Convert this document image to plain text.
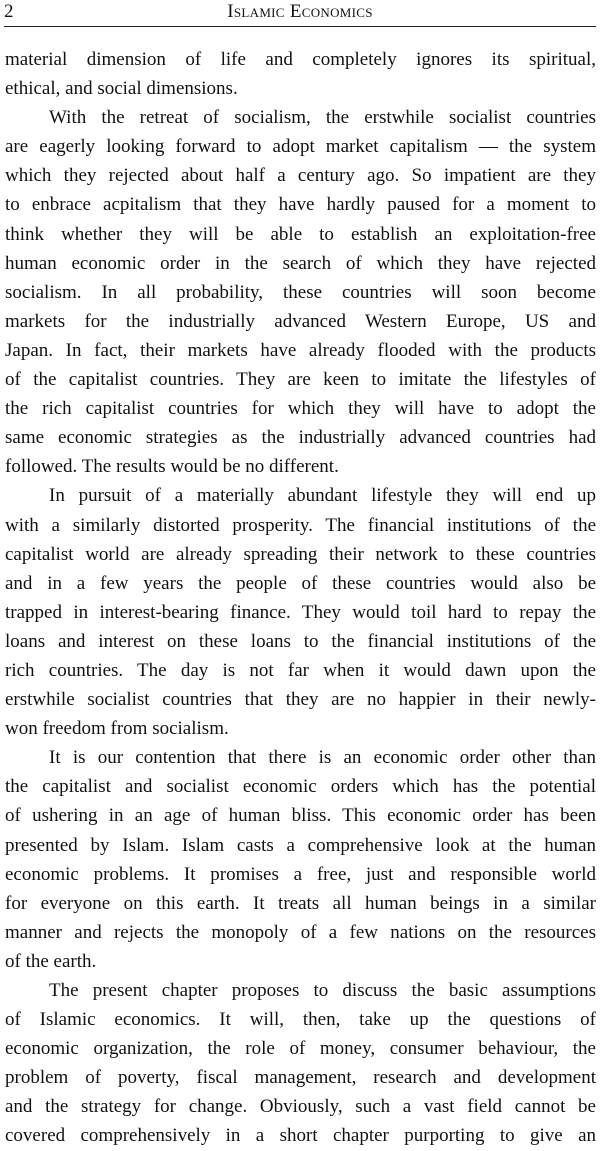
2	Islamic Economics
material dimension of life and completely ignores its spiritual,
ethical, and social dimensions.
With the retreat of socialism, the erstwhile socialist countries
are eagerly looking forward to adopt market capitalism — the system
which they rejected about half a century ago. So impatient are they
to enbrace acpitalism that they have hardly paused for a moment to
think whether they will be able to establish an exploitation-free
human economic order in the search of which they have rejected
socialism. In all probability, these countries will soon become
markets for the industrially advanced Western Europe, US and
Japan. In fact, their markets have already flooded with the products
of the capitalist countries. They are keen to imitate the lifestyles of
the rich capitalist countries for which they will have to adopt the
same economic strategies as the industrially advanced countries had
followed. The results would be no different.
In pursuit of a materially abundant lifestyle they will end up
with a similarly distorted prosperity. The financial institutions of the
capitalist world are already spreading their network to these countries
and in a few years the people of these countries would also be
trapped in interest-bearing finance. They would toil hard to repay the
loans and interest on these loans to the financial institutions of the
rich countries. The day is not far when it would dawn upon the
erstwhile socialist countries that they are no happier in their newly-
won freedom from socialism.
It is our contention that there is an economic order other than
the capitalist and socialist economic orders which has the potential
of ushering in an age of human bliss. This economic order has been
presented by Islam. Islam casts a comprehensive look at the human
economic problems. It promises a free, just and responsible world
for everyone on this earth. It treats all human beings in a similar
manner and rejects the monopoly of a few nations on the resources
of the earth.
The present chapter proposes to discuss the basic assumptions
of Islamic economics. It will, then, take up the questions of
economic organization, the role of money, consumer behaviour, the
problem of poverty, fiscal management, research and development
and the strategy for change. Obviously, such a vast field cannot be
covered comprehensively in a short chapter purporting to give an
